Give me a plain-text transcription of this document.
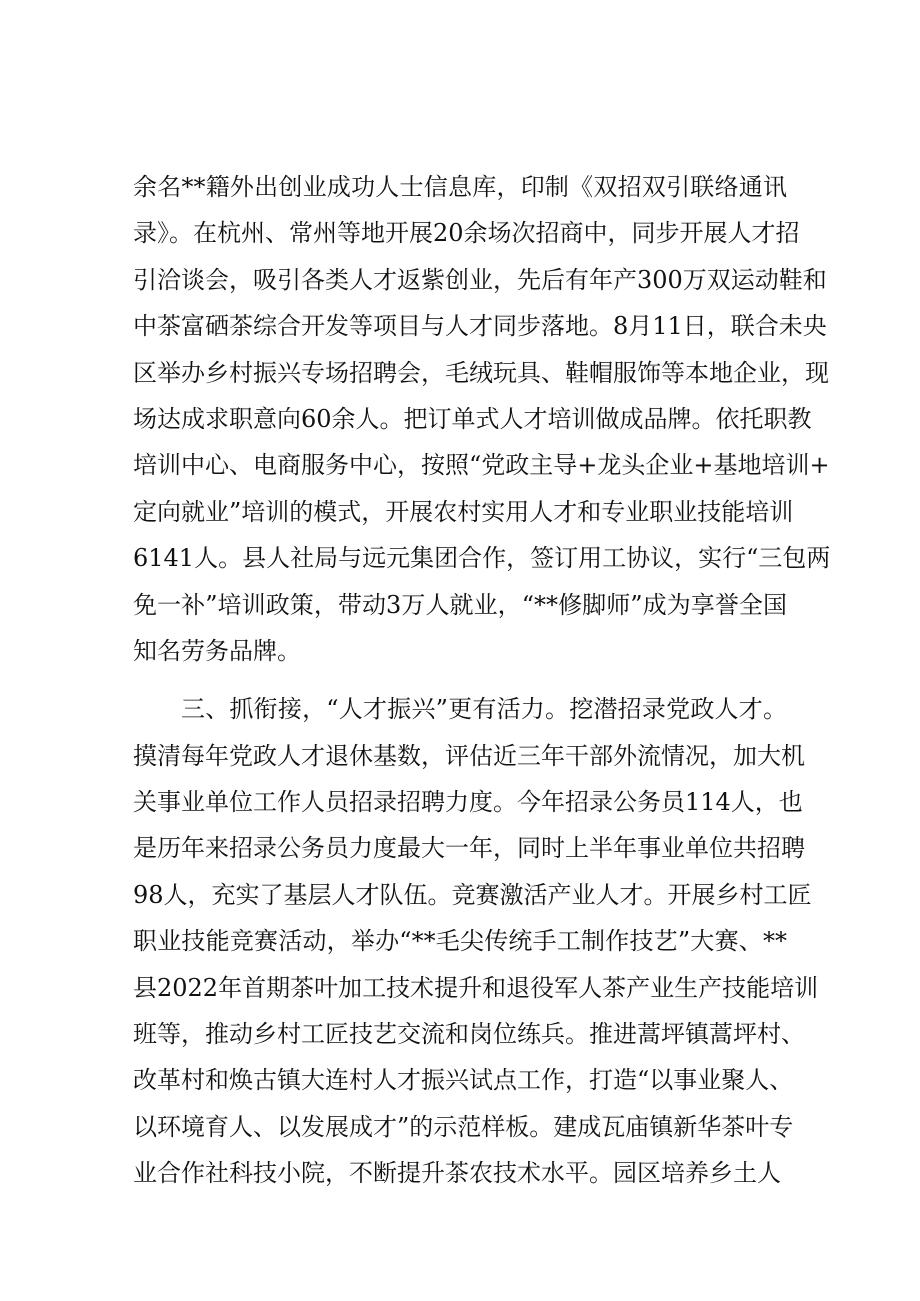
余名**籍外出创业成功人士信息库，印制《双招双引联络通讯
录》。在杭州、常州等地开展20余场次招商中，同步开展人才招
引洽谈会，吸引各类人才返紫创业，先后有年产300万双运动鞋和
中茶富硒茶综合开发等项目与人才同步落地。8月11日，联合未央
区举办乡村振兴专场招聘会，毛绒玩具、鞋帽服饰等本地企业，现
场达成求职意向60余人。把订单式人才培训做成品牌。依托职教
培训中心、电商服务中心，按照“党政主导+龙头企业+基地培训+
定向就业”培训的模式，开展农村实用人才和专业职业技能培训
6141人。县人社局与远元集团合作，签订用工协议，实行“三包两
免一补”培训政策，带动3万人就业，“**修脚师”成为享誉全国
知名劳务品牌。
三、抓衔接，“人才振兴”更有活力。挖潜招录党政人才。
摸清每年党政人才退休基数，评估近三年干部外流情况，加大机
关事业单位工作人员招录招聘力度。今年招录公务员114人，也
是历年来招录公务员力度最大一年，同时上半年事业单位共招聘
98人，充实了基层人才队伍。竞赛激活产业人才。开展乡村工匠
职业技能竞赛活动，举办“**毛尖传统手工制作技艺”大赛、**
县2022年首期茶叶加工技术提升和退役军人茶产业生产技能培训
班等，推动乡村工匠技艺交流和岗位练兵。推进蒿坪镇蒿坪村、
改革村和焕古镇大连村人才振兴试点工作，打造“以事业聚人、
以环境育人、以发展成才”的示范样板。建成瓦庙镇新华茶叶专
业合作社科技小院，不断提升茶农技术水平。园区培养乡土人
